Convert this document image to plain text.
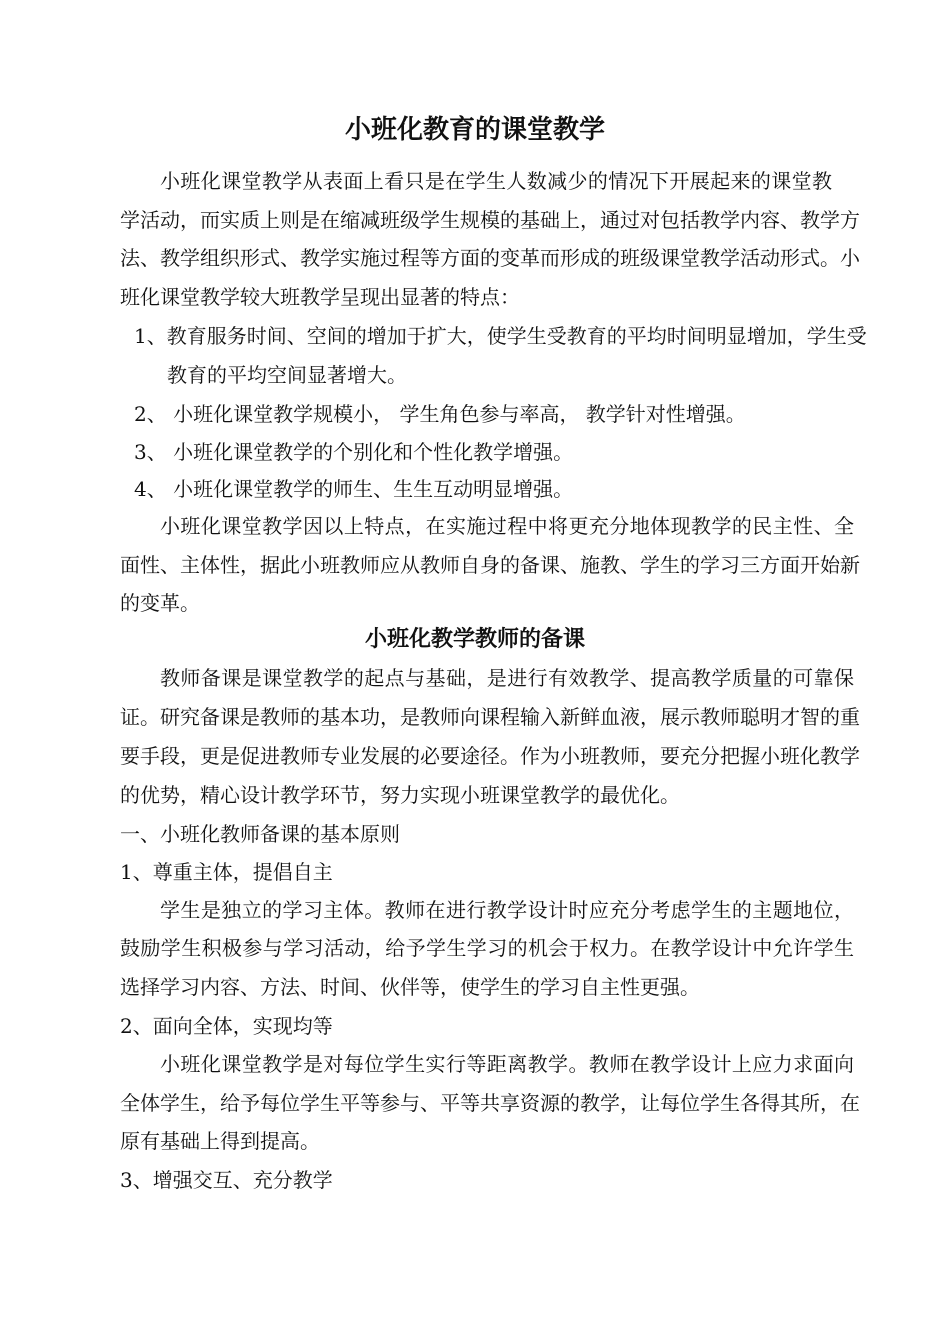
小班化教育的课堂教学
小班化课堂教学从表面上看只是在学生人数减少的情况下开展起来的课堂教
学活动，而实质上则是在缩减班级学生规模的基础上，通过对包括教学内容、教学方
法、教学组织形式、教学实施过程等方面的变革而形成的班级课堂教学活动形式。小
班化课堂教学较大班教学呈现出显著的特点：
1、教育服务时间、空间的增加于扩大，使学生受教育的平均时间明显增加，学生受
教育的平均空间显著增大。
2、 小班化课堂教学规模小， 学生角色参与率高， 教学针对性增强。
3、 小班化课堂教学的个别化和个性化教学增强。
4、 小班化课堂教学的师生、生生互动明显增强。
小班化课堂教学因以上特点，在实施过程中将更充分地体现教学的民主性、全
面性、主体性，据此小班教师应从教师自身的备课、施教、学生的学习三方面开始新
的变革。
小班化教学教师的备课
教师备课是课堂教学的起点与基础，是进行有效教学、提高教学质量的可靠保
证。研究备课是教师的基本功，是教师向课程输入新鲜血液，展示教师聪明才智的重
要手段，更是促进教师专业发展的必要途径。作为小班教师，要充分把握小班化教学
的优势，精心设计教学环节，努力实现小班课堂教学的最优化。
一、小班化教师备课的基本原则
1、尊重主体，提倡自主
学生是独立的学习主体。教师在进行教学设计时应充分考虑学生的主题地位，
鼓励学生积极参与学习活动，给予学生学习的机会于权力。在教学设计中允许学生
选择学习内容、方法、时间、伙伴等，使学生的学习自主性更强。
2、面向全体，实现均等
小班化课堂教学是对每位学生实行等距离教学。教师在教学设计上应力求面向
全体学生，给予每位学生平等参与、平等共享资源的教学，让每位学生各得其所，在
原有基础上得到提高。
3、增强交互、充分教学
